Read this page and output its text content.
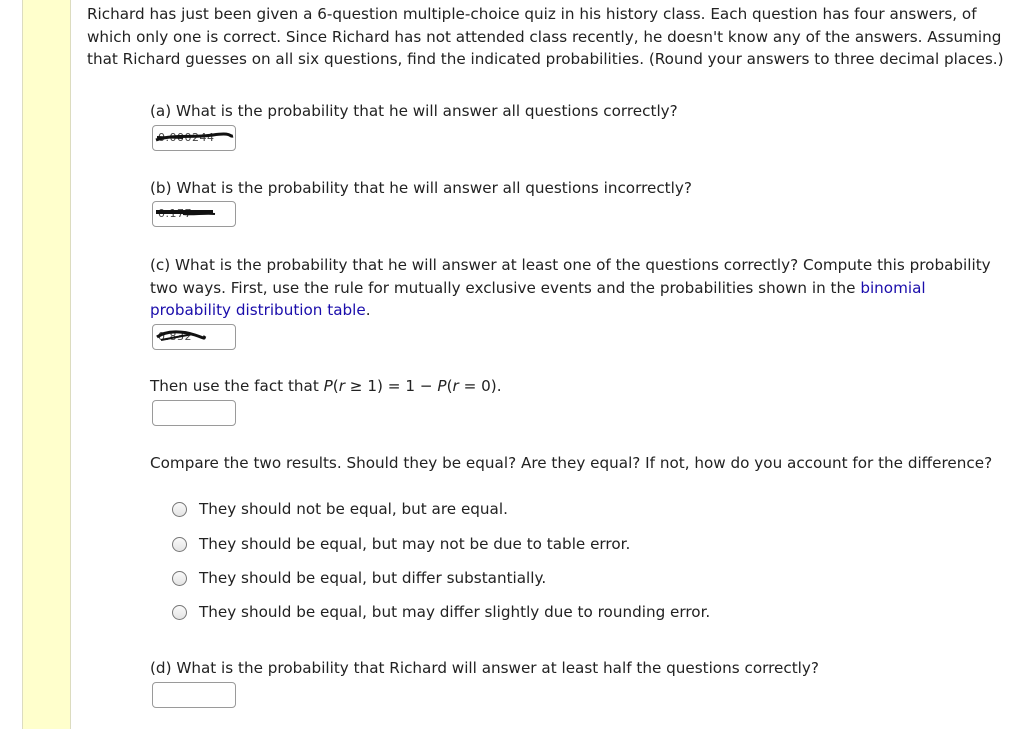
Richard has just been given a 6-question multiple-choice quiz in his history class. Each question has four answers, of which only one is correct. Since Richard has not attended class recently, he doesn't know any of the answers. Assuming that Richard guesses on all six questions, find the indicated probabilities. (Round your answers to three decimal places.)
(a) What is the probability that he will answer all questions correctly?
0.000244
(b) What is the probability that he will answer all questions incorrectly?
0.177
(c) What is the probability that he will answer at least one of the questions correctly? Compute this probability two ways. First, use the rule for mutually exclusive events and the probabilities shown in the binomial probability distribution table.
0.832
Then use the fact that P(r ≥ 1) = 1 − P(r = 0).
Compare the two results. Should they be equal? Are they equal? If not, how do you account for the difference?
They should not be equal, but are equal.
They should be equal, but may not be due to table error.
They should be equal, but differ substantially.
They should be equal, but may differ slightly due to rounding error.
(d) What is the probability that Richard will answer at least half the questions correctly?
